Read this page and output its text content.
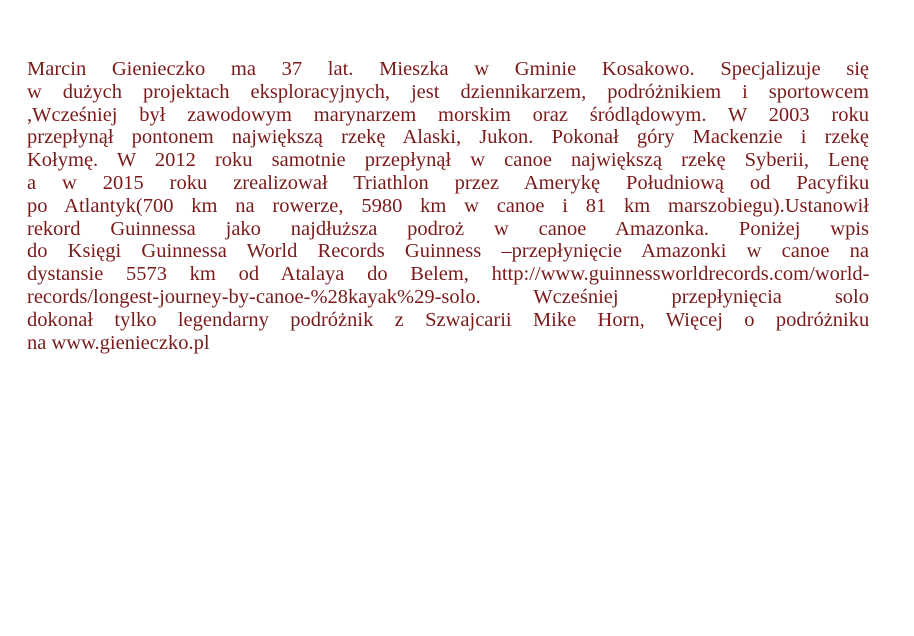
Marcin Gienieczko ma 37 lat. Mieszka w Gminie Kosakowo. Specjalizuje się
w dużych projektach eksploracyjnych, jest dziennikarzem, podróżnikiem i sportowcem
,Wcześniej był zawodowym marynarzem morskim oraz śródlądowym. W 2003 roku
przepłynął pontonem największą rzekę Alaski, Jukon. Pokonał góry Mackenzie i rzekę
Kołymę. W 2012 roku samotnie przepłynął w canoe największą rzekę Syberii, Lenę
a w 2015 roku zrealizował Triathlon przez Amerykę Południową od Pacyfiku
po Atlantyk(700 km na rowerze, 5980 km w canoe i 81 km marszobiegu).Ustanowił
rekord Guinnessa jako najdłuższa podroż w canoe Amazonka. Poniżej wpis
do Księgi Guinnessa World Records Guinness –przepłynięcie Amazonki w canoe na
dystansie 5573 km od Atalaya do Belem, http://www.guinnessworldrecords.com/world-
records/longest-journey-by-canoe-%28kayak%29-solo. Wcześniej przepłynięcia solo
dokonał tylko legendarny podróżnik z Szwajcarii Mike Horn, Więcej o podróżniku
na www.gienieczko.pl
